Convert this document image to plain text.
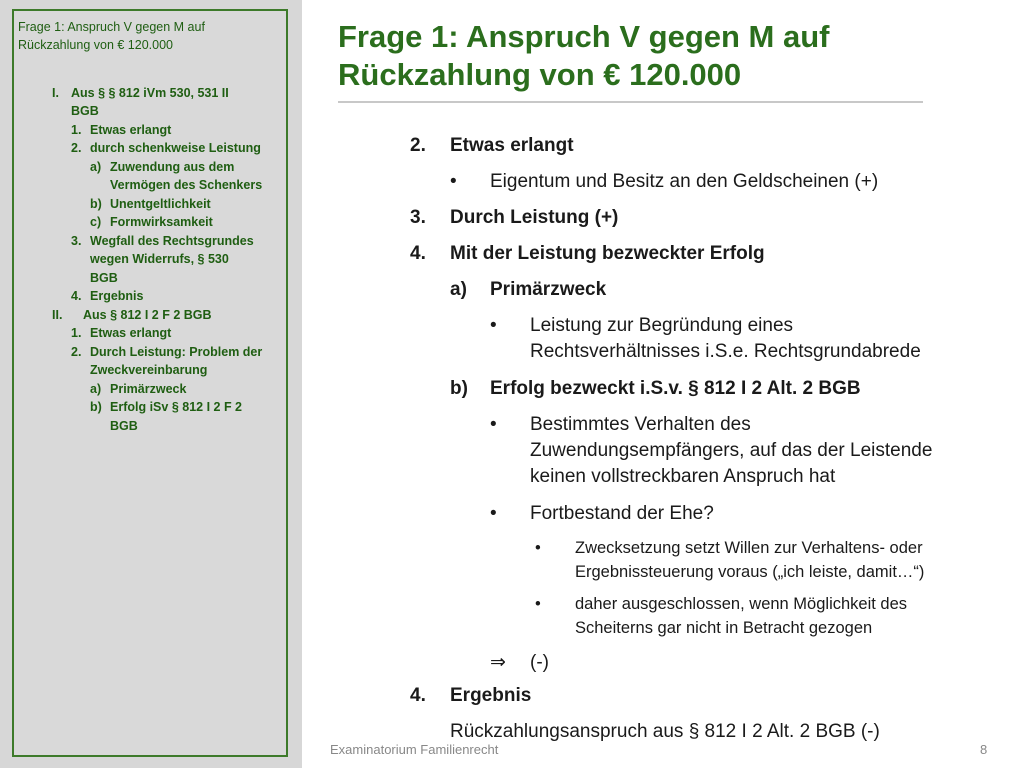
Frage 1: Anspruch V gegen M auf
Rückzahlung von € 120.000
I. Aus § § 812 iVm 530, 531 II
BGB
1. Etwas erlangt
2. durch schenkweise Leistung
a) Zuwendung aus dem
Vermögen des Schenkers
b) Unentgeltlichkeit
c) Formwirksamkeit
3. Wegfall des Rechtsgrundes
wegen Widerrufs, § 530
BGB
4. Ergebnis
II. Aus § 812 I 2 F 2 BGB
1. Etwas erlangt
2. Durch Leistung: Problem der
Zweckvereinbarung
a) Primärzweck
b) Erfolg iSv § 812 I 2 F 2
BGB
Frage 1: Anspruch V gegen M auf
Rückzahlung von € 120.000
2. Etwas erlangt
• Eigentum und Besitz an den Geldscheinen (+)
3. Durch Leistung (+)
4. Mit der Leistung bezweckter Erfolg
a) Primärzweck
• Leistung zur Begründung eines
Rechtsverhältnisses i.S.e. Rechtsgrundabrede
b) Erfolg bezweckt i.S.v. § 812 I 2 Alt. 2 BGB
• Bestimmtes Verhalten des
Zuwendungsempfängers, auf das der Leistende
keinen vollstreckbaren Anspruch hat
• Fortbestand der Ehe?
• Zwecksetzung setzt Willen zur Verhaltens- oder
Ergebnissteuerung voraus („ich leiste, damit…“)
• daher ausgeschlossen, wenn Möglichkeit des
Scheiterns gar nicht in Betracht gezogen
⇒ (-)
4. Ergebnis
Rückzahlungsanspruch aus § 812 I 2 Alt. 2 BGB (-)
Examinatorium Familienrecht	8
